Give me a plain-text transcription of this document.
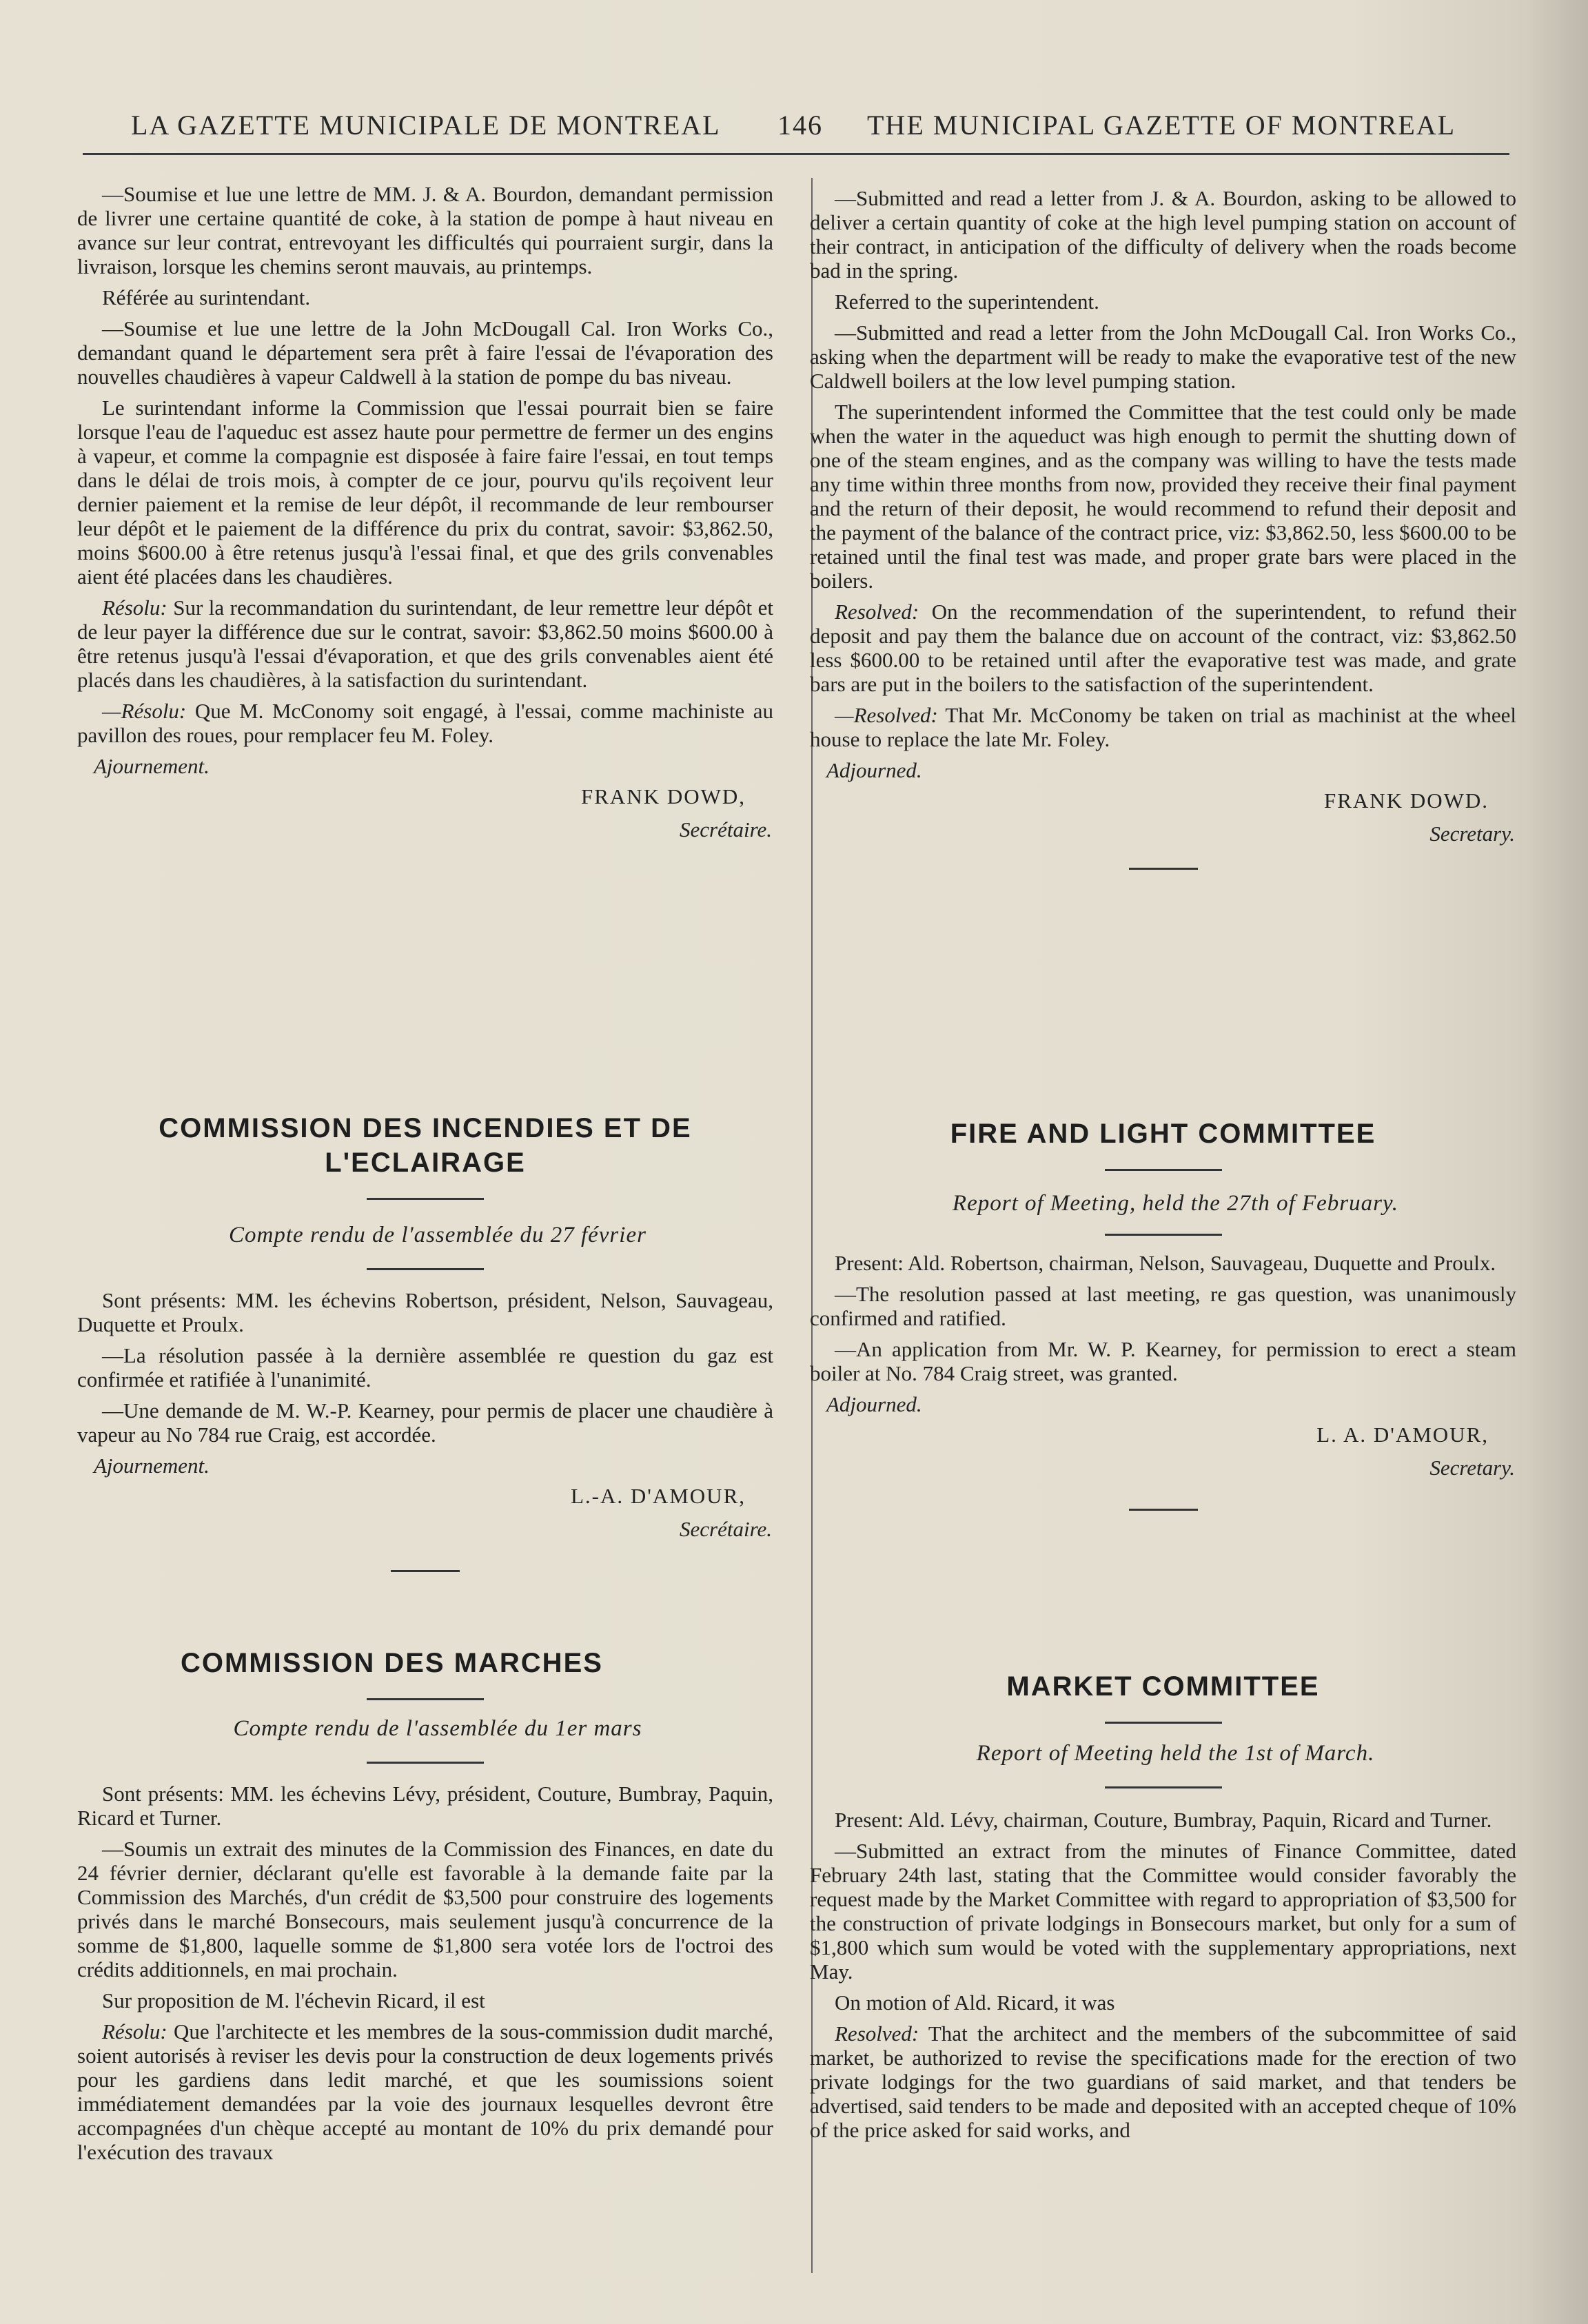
LA GAZETTE MUNICIPALE DE MONTREAL 146 THE MUNICIPAL GAZETTE OF MONTREAL

—Soumise et lue une lettre de MM. J. & A. Bourdon, demandant permission de livrer une certaine quantité de coke, à la station de pompe à haut niveau en avance sur leur contrat, entrevoyant les difficultés qui pourraient surgir, dans la livraison, lorsque les chemins seront mauvais, au printemps.

Référée au surintendant.

—Soumise et lue une lettre de la John McDougall Cal. Iron Works Co., demandant quand le département sera prêt à faire l'essai de l'évaporation des nouvelles chaudières à vapeur Caldwell à la station de pompe du bas niveau.

Le surintendant informe la Commission que l'essai pourrait bien se faire lorsque l'eau de l'aqueduc est assez haute pour permettre de fermer un des engins à vapeur, et comme la compagnie est disposée à faire faire l'essai, en tout temps dans le délai de trois mois, à compter de ce jour, pourvu qu'ils reçoivent leur dernier paiement et la remise de leur dépôt, il recommande de leur rembourser leur dépôt et le paiement de la différence du prix du contrat, savoir: $3,862.50, moins $600.00 à être retenus jusqu'à l'essai final, et que des grils convenables aient été placées dans les chaudières.

Résolu: Sur la recommandation du surintendant, de leur remettre leur dépôt et de leur payer la différence due sur le contrat, savoir: $3,862.50 moins $600.00 à être retenus jusqu'à l'essai d'évaporation, et que des grils convenables aient été placés dans les chaudières, à la satisfaction du surintendant.

—Résolu: Que M. McConomy soit engagé, à l'essai, comme machiniste au pavillon des roues, pour remplacer feu M. Foley.

Ajournement.

FRANK DOWD,

Secrétaire.

COMMISSION DES INCENDIES ET DE L'ECLAIRAGE

Compte rendu de l'assemblée du 27 février

Sont présents: MM. les échevins Robertson, président, Nelson, Sauvageau, Duquette et Proulx.

—La résolution passée à la dernière assemblée re question du gaz est confirmée et ratifiée à l'unanimité.

—Une demande de M. W.-P. Kearney, pour permis de placer une chaudière à vapeur au No 784 rue Craig, est accordée.

Ajournement.

L.-A. D'AMOUR,

Secrétaire.

COMMISSION DES MARCHES

Compte rendu de l'assemblée du 1er mars

Sont présents: MM. les échevins Lévy, président, Couture, Bumbray, Paquin, Ricard et Turner.

—Soumis un extrait des minutes de la Commission des Finances, en date du 24 février dernier, déclarant qu'elle est favorable à la demande faite par la Commission des Marchés, d'un crédit de $3,500 pour construire des logements privés dans le marché Bonsecours, mais seulement jusqu'à concurrence de la somme de $1,800, laquelle somme de $1,800 sera votée lors de l'octroi des crédits additionnels, en mai prochain.

Sur proposition de M. l'échevin Ricard, il est

Résolu: Que l'architecte et les membres de la sous-commission dudit marché, soient autorisés à reviser les devis pour la construction de deux logements privés pour les gardiens dans ledit marché, et que les soumissions soient immédiatement demandées par la voie des journaux lesquelles devront être accompagnées d'un chèque accepté au montant de 10% du prix demandé pour l'exécution des travaux

—Submitted and read a letter from J. & A. Bourdon, asking to be allowed to deliver a certain quantity of coke at the high level pumping station on account of their contract, in anticipation of the difficulty of delivery when the roads become bad in the spring.

Referred to the superintendent.

—Submitted and read a letter from the John McDougall Cal. Iron Works Co., asking when the department will be ready to make the evaporative test of the new Caldwell boilers at the low level pumping station.

The superintendent informed the Committee that the test could only be made when the water in the aqueduct was high enough to permit the shutting down of one of the steam engines, and as the company was willing to have the tests made any time within three months from now, provided they receive their final payment and the return of their deposit, he would recommend to refund their deposit and the payment of the balance of the contract price, viz: $3,862.50, less $600.00 to be retained until the final test was made, and proper grate bars were placed in the boilers.

Resolved: On the recommendation of the superintendent, to refund their deposit and pay them the balance due on account of the contract, viz: $3,862.50 less $600.00 to be retained until after the evaporative test was made, and grate bars are put in the boilers to the satisfaction of the superintendent.

—Resolved: That Mr. McConomy be taken on trial as machinist at the wheel house to replace the late Mr. Foley.

Adjourned.

FRANK DOWD.

Secretary.

FIRE AND LIGHT COMMITTEE

Report of Meeting, held the 27th of February.

Present: Ald. Robertson, chairman, Nelson, Sauvageau, Duquette and Proulx.

—The resolution passed at last meeting, re gas question, was unanimously confirmed and ratified.

—An application from Mr. W. P. Kearney, for permission to erect a steam boiler at No. 784 Craig street, was granted.

Adjourned.

L. A. D'AMOUR,

Secretary.

MARKET COMMITTEE

Report of Meeting held the 1st of March.

Present: Ald. Lévy, chairman, Couture, Bumbray, Paquin, Ricard and Turner.

—Submitted an extract from the minutes of Finance Committee, dated February 24th last, stating that the Committee would consider favorably the request made by the Market Committee with regard to appropriation of $3,500 for the construction of private lodgings in Bonsecours market, but only for a sum of $1,800 which sum would be voted with the supplementary appropriations, next May.

On motion of Ald. Ricard, it was

Resolved: That the architect and the members of the subcommittee of said market, be authorized to revise the specifications made for the erection of two private lodgings for the two guardians of said market, and that tenders be advertised, said tenders to be made and deposited with an accepted cheque of 10% of the price asked for said works, and
